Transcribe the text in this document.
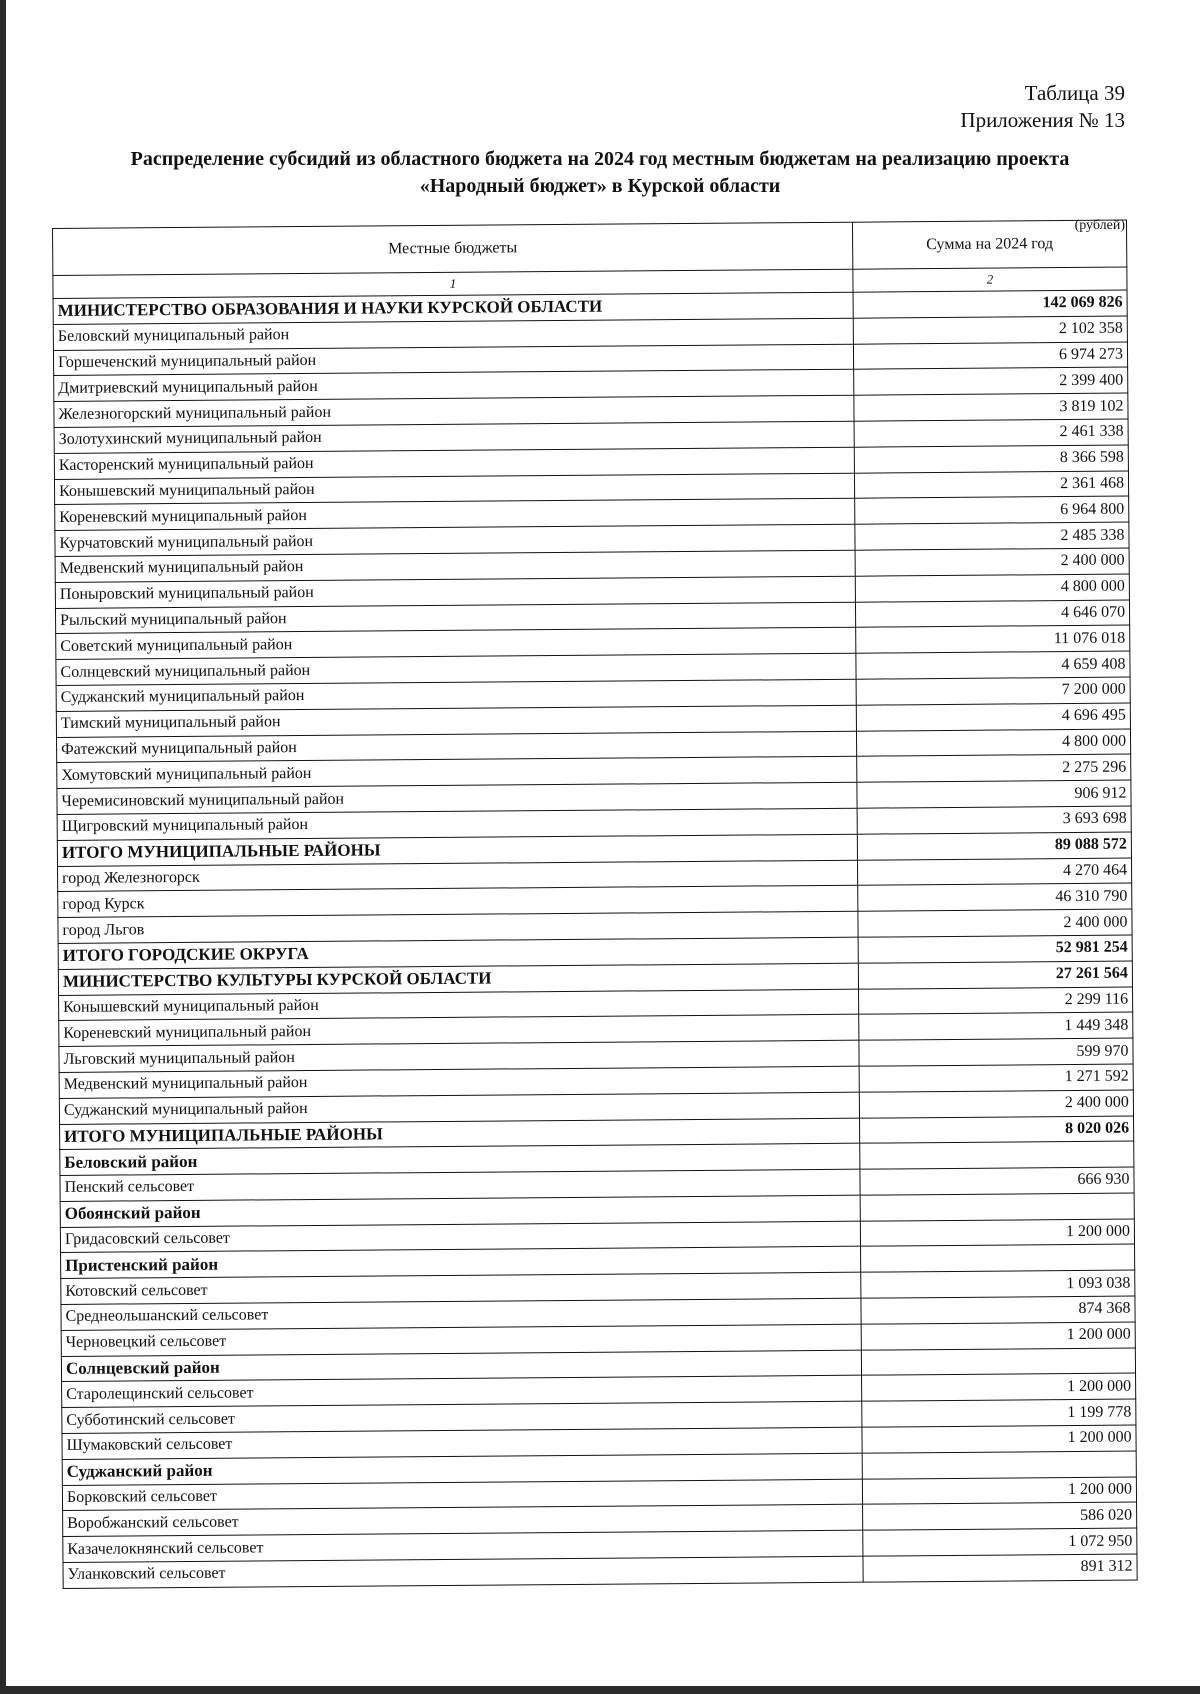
Таблица 39
Приложения № 13
Распределение субсидий из областного бюджета на 2024 год местным бюджетам на реализацию проекта
«Народный бюджет» в Курской области
(рублей)
Местные бюджеты	Сумма на 2024 год
1	2
МИНИСТЕРСТВО ОБРАЗОВАНИЯ И НАУКИ КУРСКОЙ ОБЛАСТИ	142 069 826
Беловский муниципальный район	2 102 358
Горшеченский муниципальный район	6 974 273
Дмитриевский муниципальный район	2 399 400
Железногорский муниципальный район	3 819 102
Золотухинский муниципальный район	2 461 338
Касторенский муниципальный район	8 366 598
Конышевский муниципальный район	2 361 468
Кореневский муниципальный район	6 964 800
Курчатовский муниципальный район	2 485 338
Медвенский муниципальный район	2 400 000
Поныровский муниципальный район	4 800 000
Рыльский муниципальный район	4 646 070
Советский муниципальный район	11 076 018
Солнцевский муниципальный район	4 659 408
Суджанский муниципальный район	7 200 000
Тимский муниципальный район	4 696 495
Фатежский муниципальный район	4 800 000
Хомутовский муниципальный район	2 275 296
Черемисиновский муниципальный район	906 912
Щигровский муниципальный район	3 693 698
ИТОГО МУНИЦИПАЛЬНЫЕ РАЙОНЫ	89 088 572
город Железногорск	4 270 464
город Курск	46 310 790
город Льгов	2 400 000
ИТОГО ГОРОДСКИЕ ОКРУГА	52 981 254
МИНИСТЕРСТВО КУЛЬТУРЫ КУРСКОЙ ОБЛАСТИ	27 261 564
Конышевский муниципальный район	2 299 116
Кореневский муниципальный район	1 449 348
Льговский муниципальный район	599 970
Медвенский муниципальный район	1 271 592
Суджанский муниципальный район	2 400 000
ИТОГО МУНИЦИПАЛЬНЫЕ РАЙОНЫ	8 020 026
Беловский район	
Пенский сельсовет	666 930
Обоянский район	
Гридасовский сельсовет	1 200 000
Пристенский район	
Котовский сельсовет	1 093 038
Среднеольшанский сельсовет	874 368
Черновецкий сельсовет	1 200 000
Солнцевский район	
Старолещинский сельсовет	1 200 000
Субботинский сельсовет	1 199 778
Шумаковский сельсовет	1 200 000
Суджанский район	
Борковский сельсовет	1 200 000
Воробжанский сельсовет	586 020
Казачелокнянский сельсовет	1 072 950
Уланковский сельсовет	891 312
